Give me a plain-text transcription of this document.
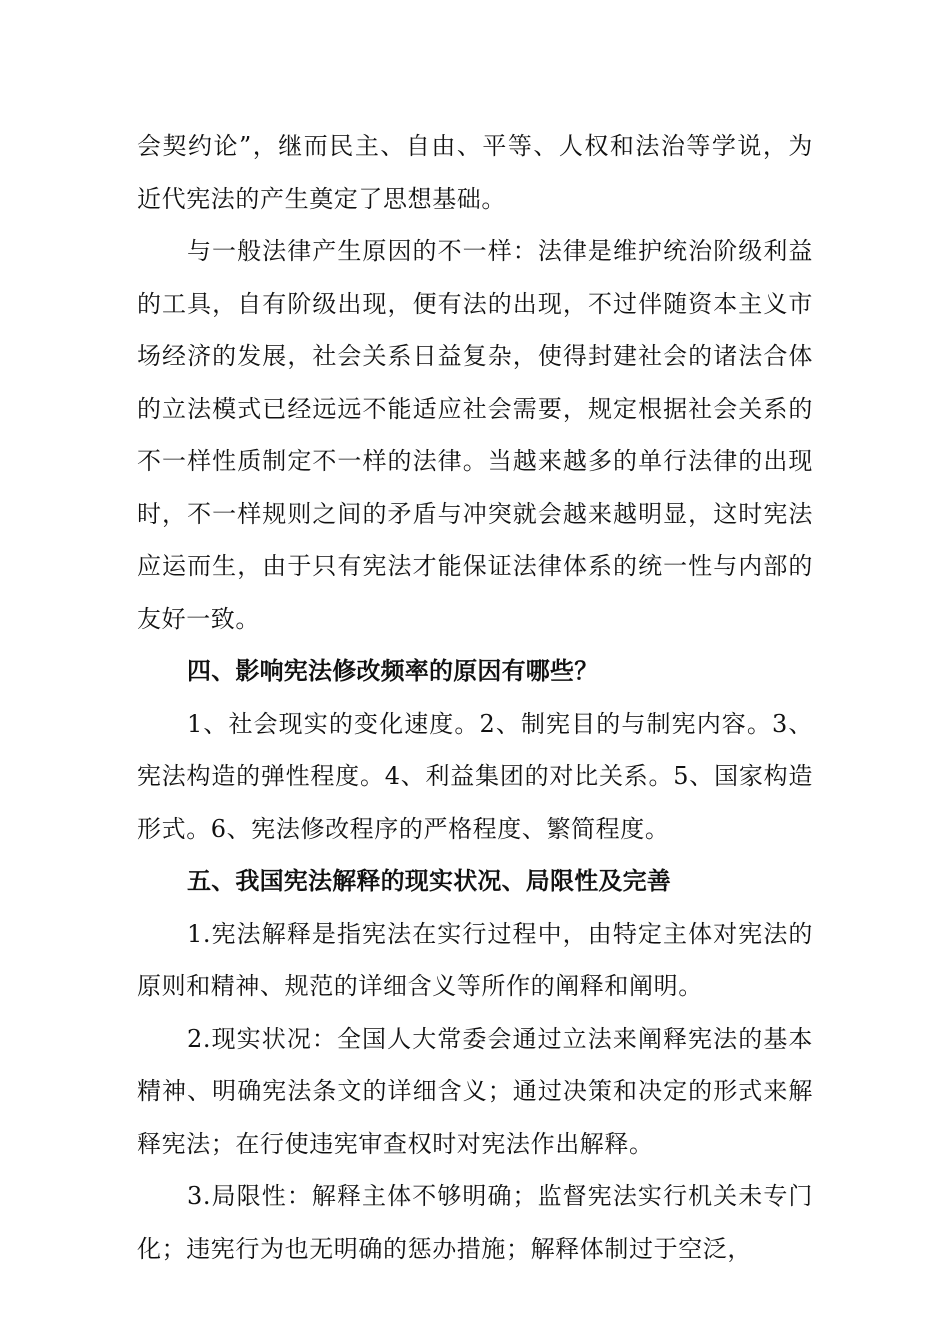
会契约论”，继而民主、自由、平等、人权和法治等学说，为近代宪法的产生奠定了思想基础。

与一般法律产生原因的不一样：法律是维护统治阶级利益的工具，自有阶级出现，便有法的出现，不过伴随资本主义市场经济的发展，社会关系日益复杂，使得封建社会的诸法合体的立法模式已经远远不能适应社会需要，规定根据社会关系的不一样性质制定不一样的法律。当越来越多的单行法律的出现时，不一样规则之间的矛盾与冲突就会越来越明显，这时宪法应运而生，由于只有宪法才能保证法律体系的统一性与内部的友好一致。

四、影响宪法修改频率的原因有哪些？

1、社会现实的变化速度。2、制宪目的与制宪内容。3、宪法构造的弹性程度。4、利益集团的对比关系。5、国家构造形式。6、宪法修改程序的严格程度、繁简程度。

五、我国宪法解释的现实状况、局限性及完善

1.宪法解释是指宪法在实行过程中，由特定主体对宪法的原则和精神、规范的详细含义等所作的阐释和阐明。

2.现实状况：全国人大常委会通过立法来阐释宪法的基本精神、明确宪法条文的详细含义；通过决策和决定的形式来解释宪法；在行使违宪审查权时对宪法作出解释。

3.局限性：解释主体不够明确；监督宪法实行机关未专门化；违宪行为也无明确的惩办措施；解释体制过于空泛，
